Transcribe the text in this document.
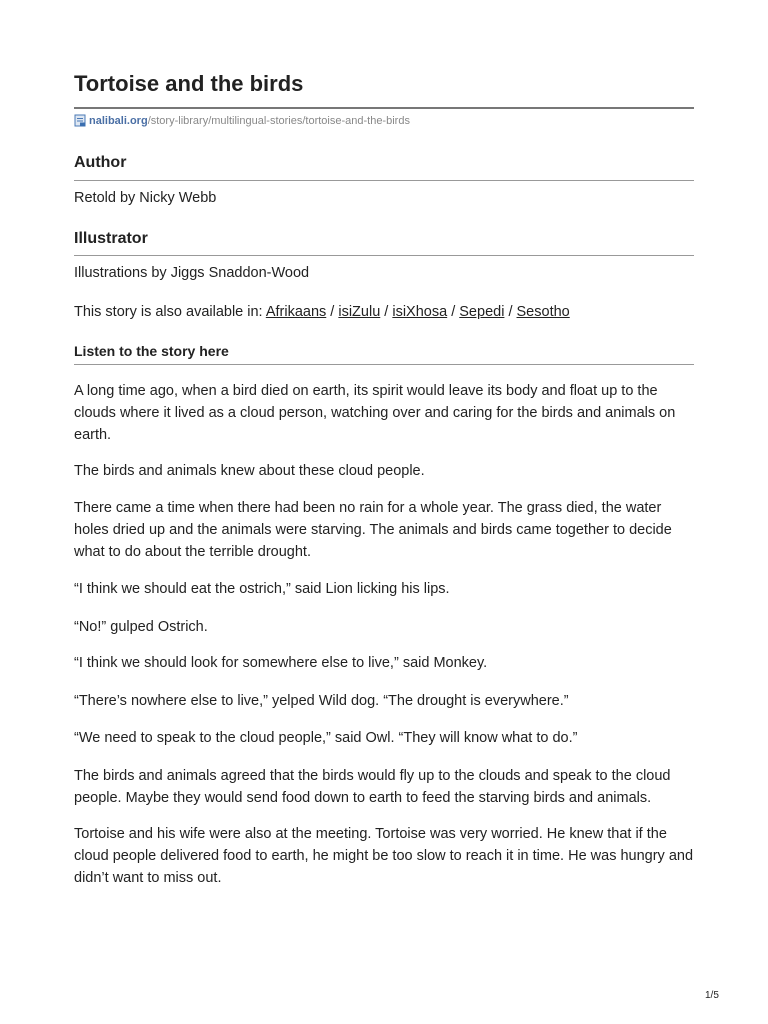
Tortoise and the birds
nalibali.org/story-library/multilingual-stories/tortoise-and-the-birds
Author

Retold by Nicky Webb

Illustrator

Illustrations by Jiggs Snaddon-Wood

This story is also available in: Afrikaans / isiZulu / isiXhosa / Sepedi / Sesotho

Listen to the story here

A long time ago, when a bird died on earth, its spirit would leave its body and float up to the clouds where it lived as a cloud person, watching over and caring for the birds and animals on earth.

The birds and animals knew about these cloud people.

There came a time when there had been no rain for a whole year. The grass died, the water holes dried up and the animals were starving. The animals and birds came together to decide what to do about the terrible drought.

“I think we should eat the ostrich,” said Lion licking his lips.

“No!” gulped Ostrich.

“I think we should look for somewhere else to live,” said Monkey.

“There’s nowhere else to live,” yelped Wild dog. “The drought is everywhere.”

“We need to speak to the cloud people,” said Owl. “They will know what to do.”

The birds and animals agreed that the birds would fly up to the clouds and speak to the cloud people. Maybe they would send food down to earth to feed the starving birds and animals.

Tortoise and his wife were also at the meeting. Tortoise was very worried. He knew that if the cloud people delivered food to earth, he might be too slow to reach it in time. He was hungry and didn’t want to miss out.

1/5
